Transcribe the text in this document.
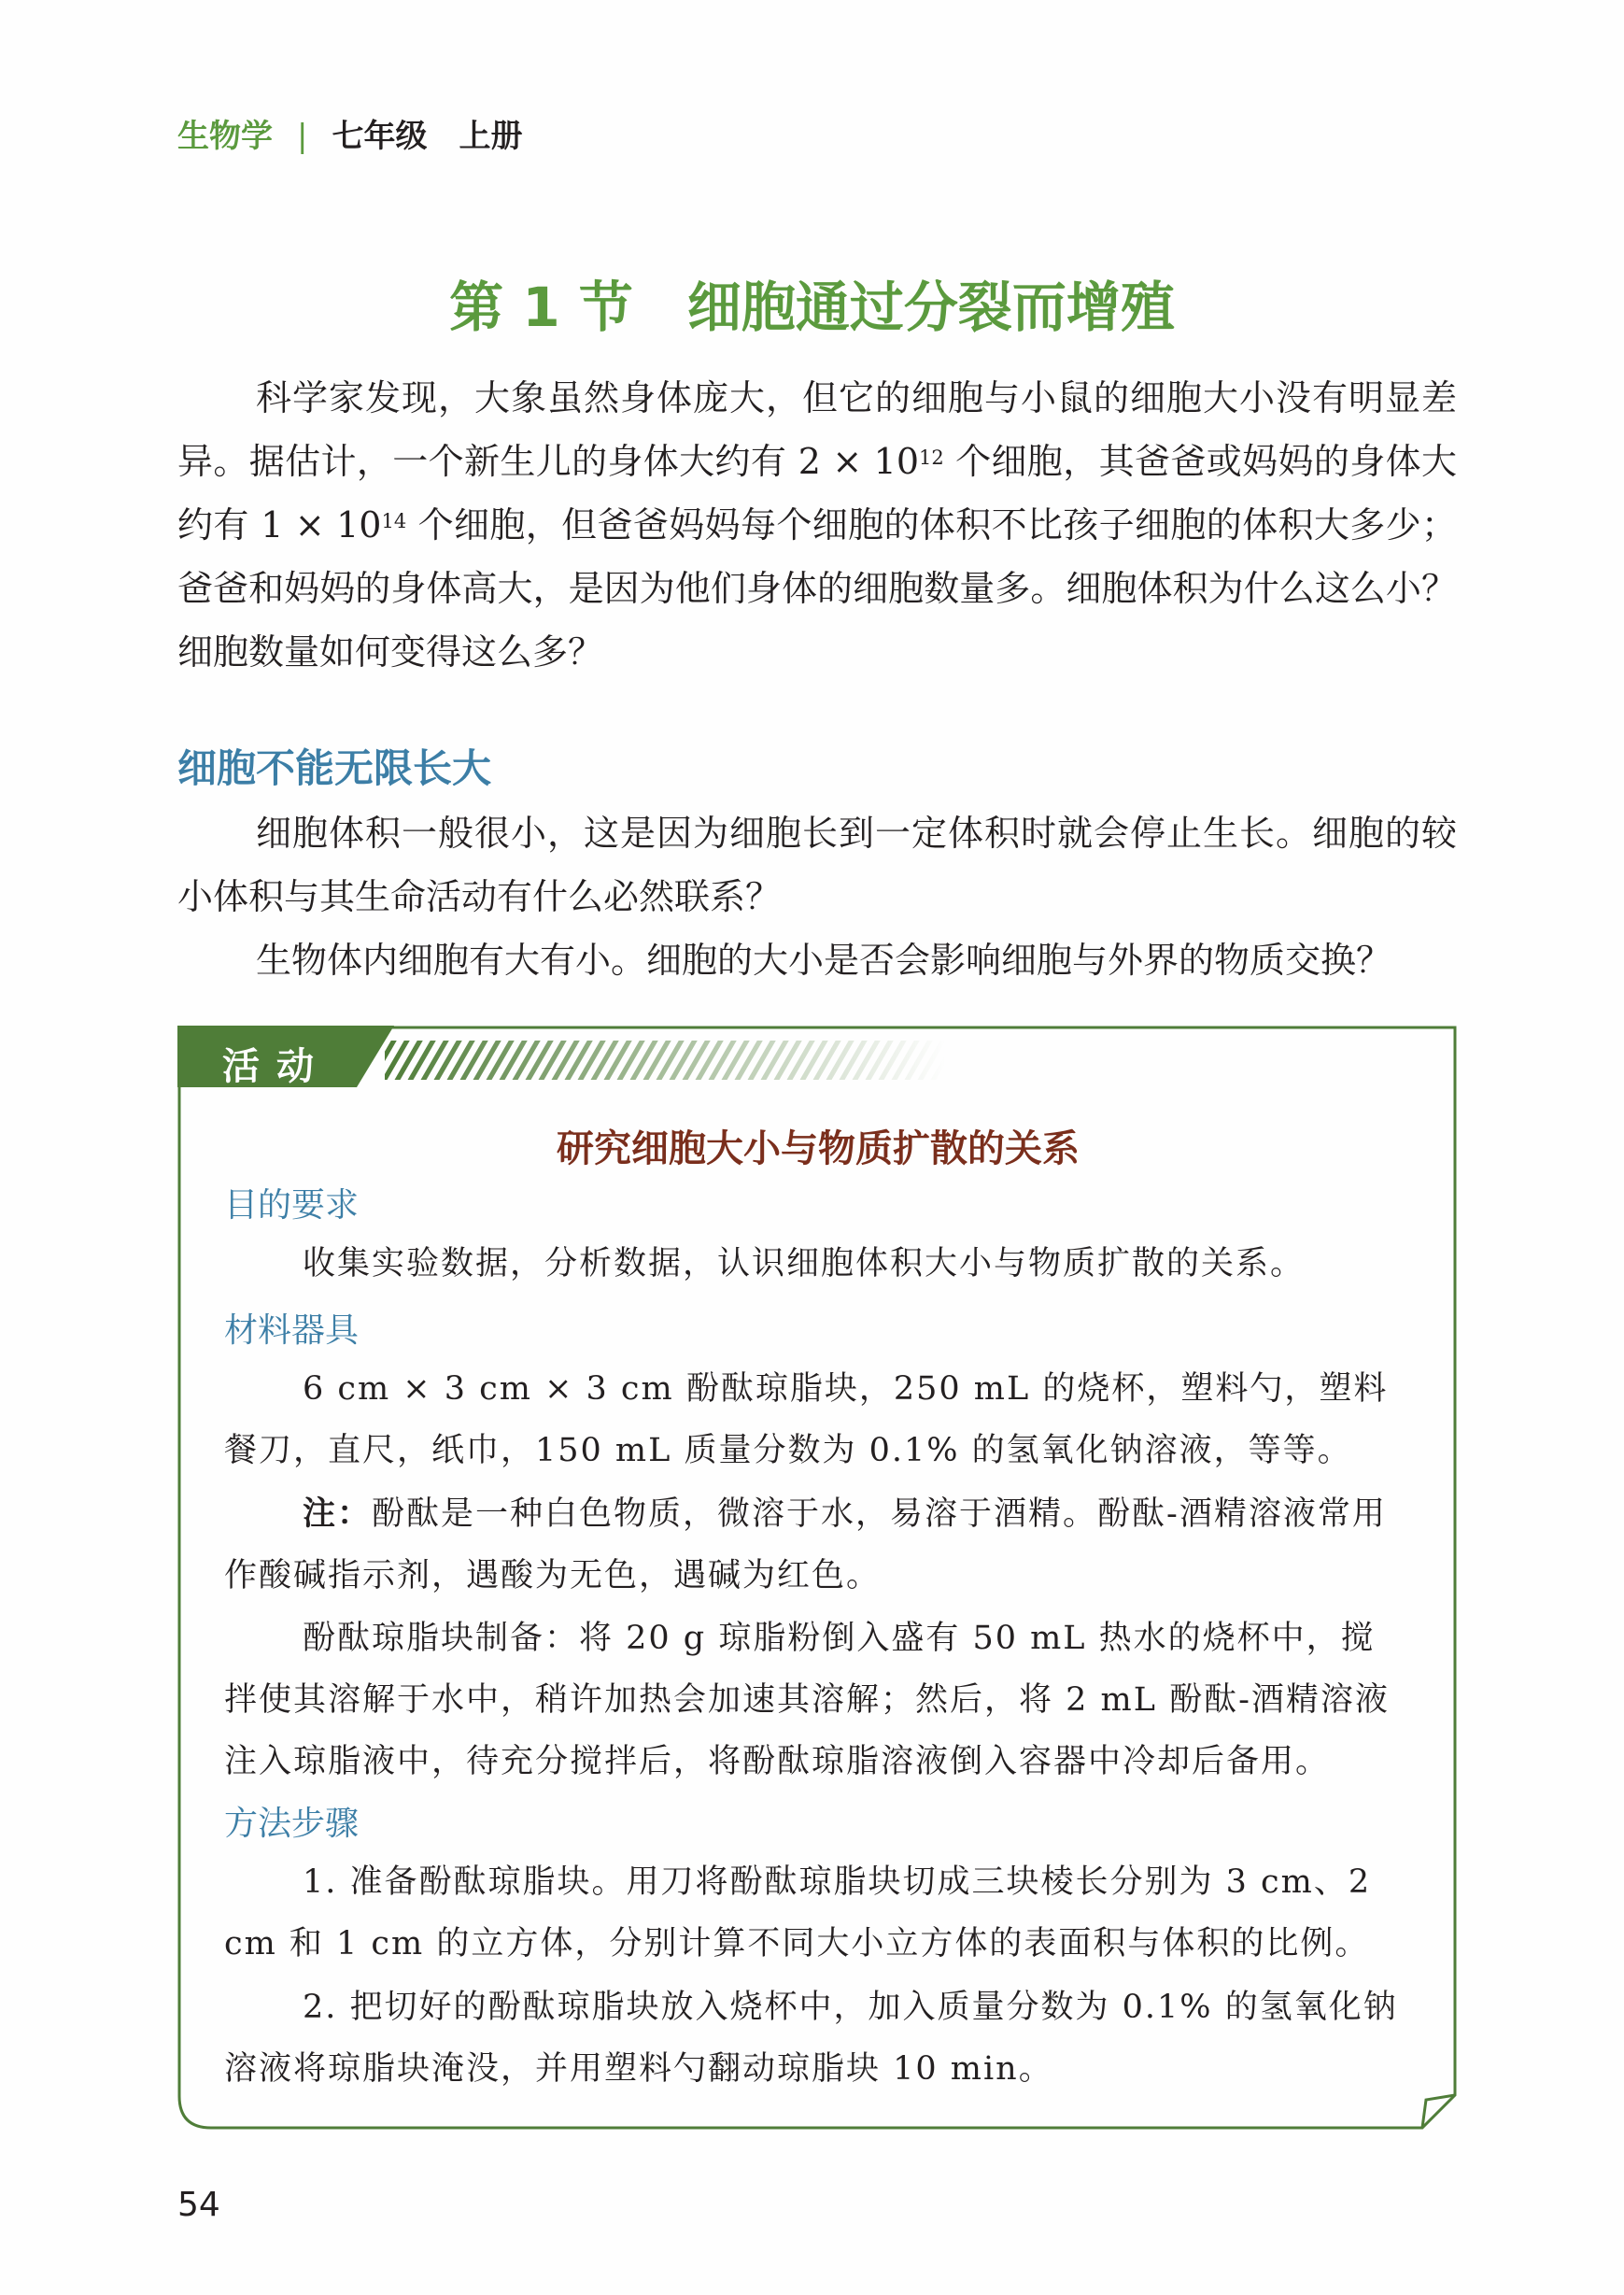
生物学 | 七年级　上册
第 1 节　细胞通过分裂而增殖

科学家发现，大象虽然身体庞大，但它的细胞与小鼠的细胞大小没有明显差异。据估计，一个新生儿的身体大约有 $2 \times 10^{12}$ 个细胞，其爸爸或妈妈的身体大约有 $1 \times 10^{14}$ 个细胞，但爸爸妈妈每个细胞的体积不比孩子细胞的体积大多少；爸爸和妈妈的身体高大，是因为他们身体的细胞数量多。细胞体积为什么这么小？细胞数量如何变得这么多？

细胞不能无限长大

细胞体积一般很小，这是因为细胞长到一定体积时就会停止生长。细胞的较小体积与其生命活动有什么必然联系？

生物体内细胞有大有小。细胞的大小是否会影响细胞与外界的物质交换？

活动
研究细胞大小与物质扩散的关系
目的要求

收集实验数据，分析数据，认识细胞体积大小与物质扩散的关系。

材料器具

6 cm × 3 cm × 3 cm 酚酞琼脂块，250 mL 的烧杯，塑料勺，塑料餐刀，直尺，纸巾，150 mL 质量分数为 0.1% 的氢氧化钠溶液，等等。

注：酚酞是一种白色物质，微溶于水，易溶于酒精。酚酞-酒精溶液常用作酸碱指示剂，遇酸为无色，遇碱为红色。

酚酞琼脂块制备：将 20 g 琼脂粉倒入盛有 50 mL 热水的烧杯中，搅拌使其溶解于水中，稍许加热会加速其溶解；然后，将 2 mL 酚酞-酒精溶液注入琼脂液中，待充分搅拌后，将酚酞琼脂溶液倒入容器中冷却后备用。

方法步骤

1. 准备酚酞琼脂块。用刀将酚酞琼脂块切成三块棱长分别为 3 cm、2 cm 和 1 cm 的立方体，分别计算不同大小立方体的表面积与体积的比例。

2. 把切好的酚酞琼脂块放入烧杯中，加入质量分数为 0.1% 的氢氧化钠溶液将琼脂块淹没，并用塑料勺翻动琼脂块 10 min。

54
